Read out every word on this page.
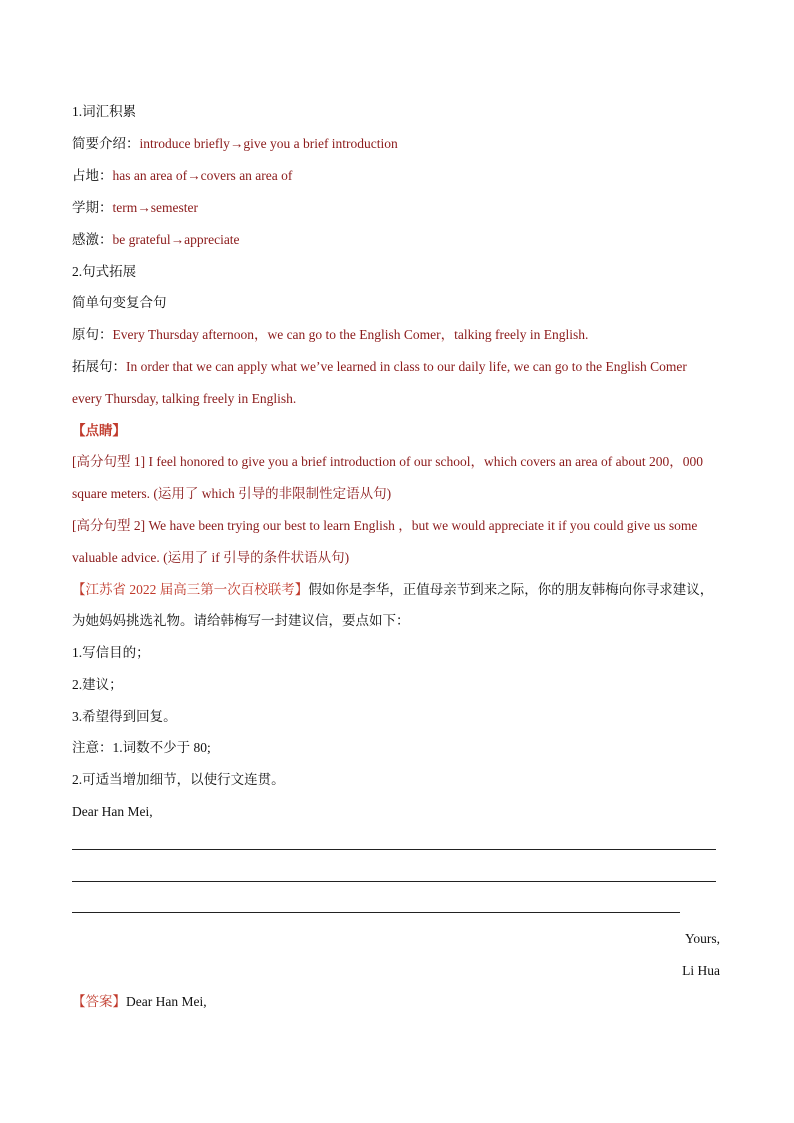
1.词汇积累
简要介绍：introduce briefly→give you a brief introduction
占地：has an area of→covers an area of
学期：term→semester
感激：be grateful→appreciate
2.句式拓展
简单句变复合句
原句：Every Thursday afternoon，we can go to the English Comer，talking freely in English.
拓展句：In order that we can apply what we’ve learned in class to our daily life, we can go to the English Comer
every Thursday, talking freely in English.
【点睛】
[高分句型 1] I feel honored to give you a brief introduction of our school，which covers an area of about 200，000
square meters. (运用了 which 引导的非限制性定语从句)
[高分句型 2] We have been trying our best to learn English ，but we would appreciate it if you could give us some
valuable advice. (运用了 if 引导的条件状语从句)
【江苏省 2022 届高三第一次百校联考】假如你是李华，正值母亲节到来之际，你的朋友韩梅向你寻求建议，
为她妈妈挑选礼物。请给韩梅写一封建议信，要点如下：
1.写信目的；
2.建议；
3.希望得到回复。
注意：1.词数不少于 80;
2.可适当增加细节，以使行文连贯。
Dear Han Mei,
Yours,
Li Hua
【答案】Dear Han Mei,
